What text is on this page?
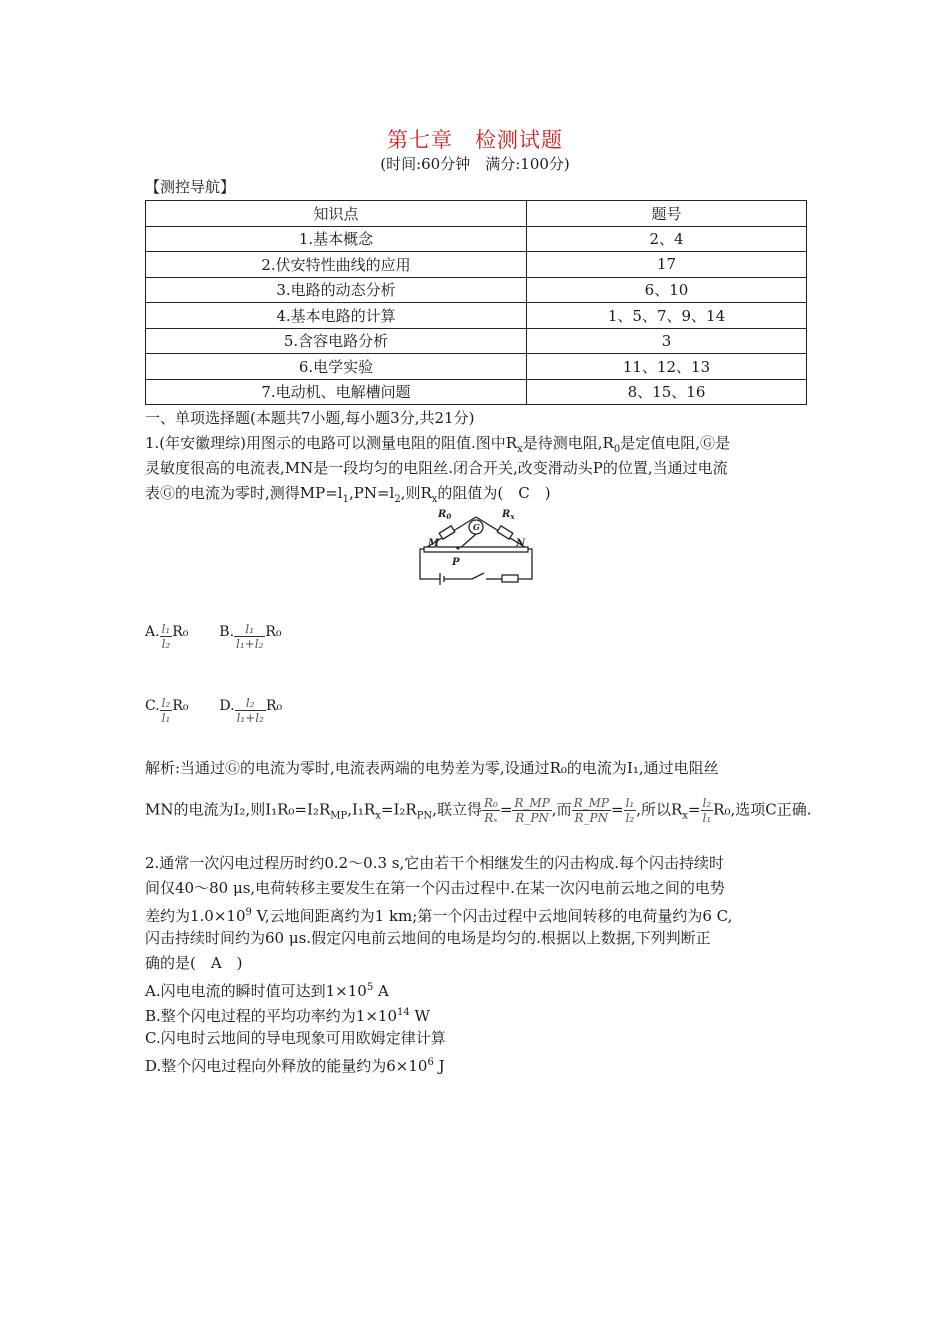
第七章　检测试题
(时间:60分钟　满分:100分)
【测控导航】
知识点	题号
1.基本概念	2、4
2.伏安特性曲线的应用	17
3.电路的动态分析	6、10
4.基本电路的计算	1、5、7、9、14
5.含容电路分析	3
6.电学实验	11、12、13
7.电动机、电解槽问题	8、15、16
一、单项选择题(本题共7小题,每小题3分,共21分)
1.(年安徽理综)用图示的电路可以测量电阻的阻值.图中$R_x$是待测电阻$,R_0$是定值电阻,Ⓖ是
灵敏度很高的电流表,MN是一段均匀的电阻丝.闭合开关,改变滑动头P的位置,当通过电流
表Ⓖ的电流为零时,测得$MP=l_1,PN=l_2$,则$R_x$的阻值为(　C　)
$R_0$	$R_x$
G
M	N
P
A. $\frac{\text{l₁}}{\text{l₂}} R_0$ B. $\frac{\text{l₁}}{\text{l₁+l₂}} R_0$
C. $\frac{\text{l₂}}{\text{l₁}} R_0$ D. $\frac{\text{l₂}}{\text{l₁+l₂}} R_0$
解析:当通过Ⓖ的电流为零时,电流表两端的电势差为零,设通过R₀的电流为I₁,通过电阻丝
MN的电流为I₂,则$I_1R_0=I_2R_{MP},I_1R_x=I_2R_{PN}$,联立得 $\frac{\text{R₀}}{\text{Rₓ}} = \frac{R\_MP}{R\_PN}$ ,而 $\frac{R\_MP}{R\_PN} = \frac{\text{l₁}}{\text{l₂}}$ ,所以$R_x= \frac{\text{l₂}}{\text{l₁}} R_0$,选项C正确.
2.通常一次闪电过程历时约0.2～0.3 s,它由若干个相继发生的闪击构成.每个闪击持续时
间仅40～80 μs,电荷转移主要发生在第一个闪击过程中.在某一次闪电前云地之间的电势
差约为$1.0\times 10^9$ V,云地间距离约为1 km;第一个闪击过程中云地间转移的电荷量约为6 C,
闪击持续时间约为60 μs.假定闪电前云地间的电场是均匀的.根据以上数据,下列判断正
确的是(　A　)
A.闪电电流的瞬时值可达到$1\times 10^5$ A
B.整个闪电过程的平均功率约为$1\times 10^{14}$ W
C.闪电时云地间的导电现象可用欧姆定律计算
D.整个闪电过程向外释放的能量约为$6\times 10^6$ J
